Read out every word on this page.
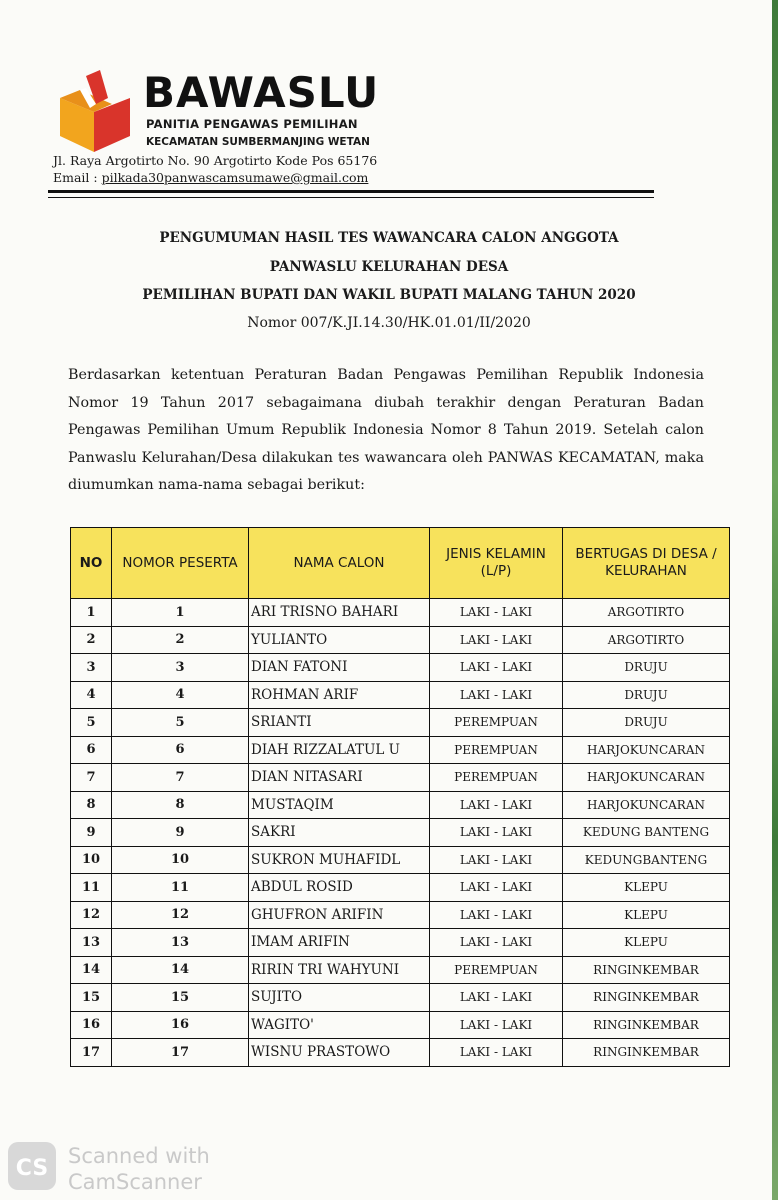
BAWASLU
PANITIA PENGAWAS PEMILIHAN
KECAMATAN SUMBERMANJING WETAN
Jl. Raya Argotirto No. 90 Argotirto Kode Pos 65176
Email : pilkada30panwascamsumawe@gmail.com
PENGUMUMAN HASIL TES WAWANCARA CALON ANGGOTA
PANWASLU KELURAHAN DESA
PEMILIHAN BUPATI DAN WAKIL BUPATI MALANG TAHUN 2020
Nomor 007/K.JI.14.30/HK.01.01/II/2020
Berdasarkan ketentuan Peraturan Badan Pengawas Pemilihan Republik Indonesia Nomor 19 Tahun 2017 sebagaimana diubah terakhir dengan Peraturan Badan Pengawas Pemilihan Umum Republik Indonesia Nomor 8 Tahun 2019. Setelah calon Panwaslu Kelurahan/Desa dilakukan tes wawancara oleh PANWAS KECAMATAN, maka diumumkan nama-nama sebagai berikut:
NO	NOMOR PESERTA	NAMA CALON	JENIS KELAMIN (L/P)	BERTUGAS DI DESA / KELURAHAN
1	1	ARI TRISNO BAHARI	LAKI - LAKI	ARGOTIRTO
2	2	YULIANTO	LAKI - LAKI	ARGOTIRTO
3	3	DIAN FATONI	LAKI - LAKI	DRUJU
4	4	ROHMAN ARIF	LAKI - LAKI	DRUJU
5	5	SRIANTI	PEREMPUAN	DRUJU
6	6	DIAH RIZZALATUL U	PEREMPUAN	HARJOKUNCARAN
7	7	DIAN NITASARI	PEREMPUAN	HARJOKUNCARAN
8	8	MUSTAQIM	LAKI - LAKI	HARJOKUNCARAN
9	9	SAKRI	LAKI - LAKI	KEDUNG BANTENG
10	10	SUKRON MUHAFIDL	LAKI - LAKI	KEDUNGBANTENG
11	11	ABDUL ROSID	LAKI - LAKI	KLEPU
12	12	GHUFRON ARIFIN	LAKI - LAKI	KLEPU
13	13	IMAM ARIFIN	LAKI - LAKI	KLEPU
14	14	RIRIN TRI WAHYUNI	PEREMPUAN	RINGINKEMBAR
15	15	SUJITO	LAKI - LAKI	RINGINKEMBAR
16	16	WAGITO'	LAKI - LAKI	RINGINKEMBAR
17	17	WISNU PRASTOWO	LAKI - LAKI	RINGINKEMBAR
CS Scanned with
CamScanner
